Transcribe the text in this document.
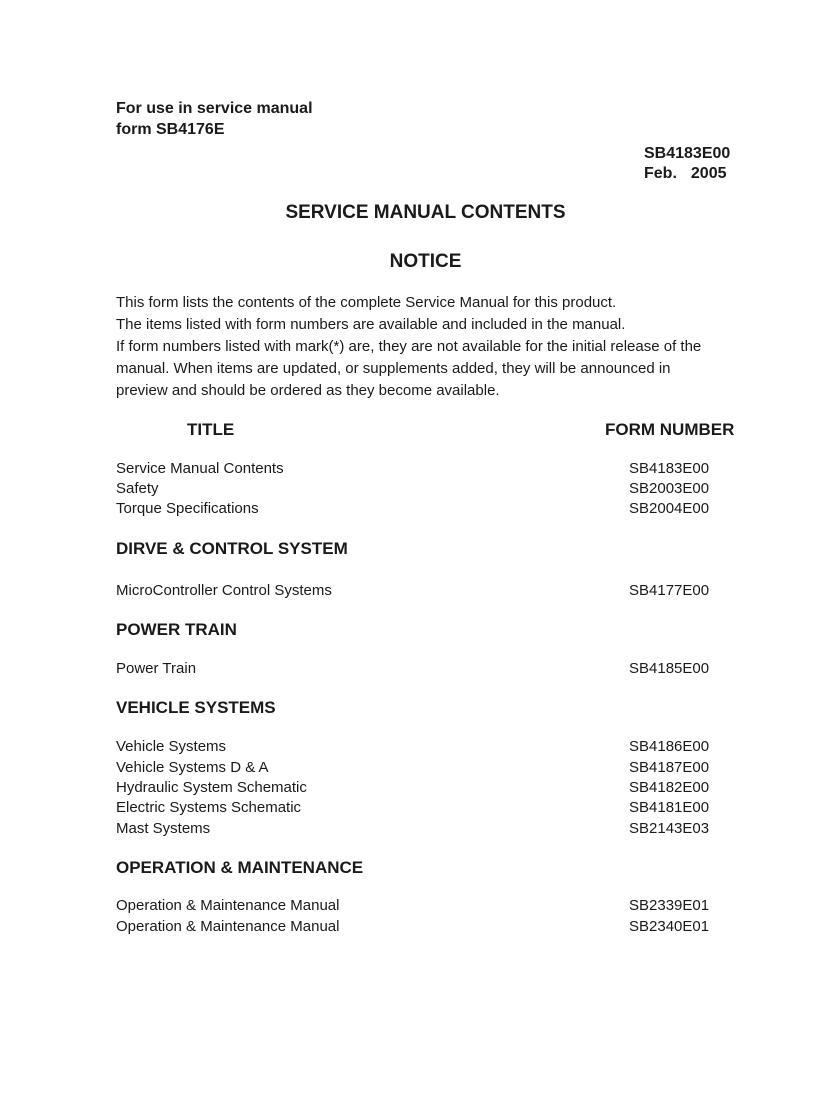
For use in service manual
form SB4176E
SB4183E00
Feb. 2005
SERVICE MANUAL CONTENTS
NOTICE
This form lists the contents of the complete Service Manual for this product.
The items listed with form numbers are available and included in the manual.
If form numbers listed with mark(*) are, they are not available for the initial release of the
manual. When items are updated, or supplements added, they will be announced in
preview and should be ordered as they become available.
TITLE	FORM NUMBER
Service Manual Contents	SB4183E00
Safety	SB2003E00
Torque Specifications	SB2004E00
DIRVE & CONTROL SYSTEM
MicroController Control Systems	SB4177E00
POWER TRAIN
Power Train	SB4185E00
VEHICLE SYSTEMS
Vehicle Systems	SB4186E00
Vehicle Systems D & A	SB4187E00
Hydraulic System Schematic	SB4182E00
Electric Systems Schematic	SB4181E00
Mast Systems	SB2143E03
OPERATION & MAINTENANCE
Operation & Maintenance Manual	SB2339E01
Operation & Maintenance Manual	SB2340E01
